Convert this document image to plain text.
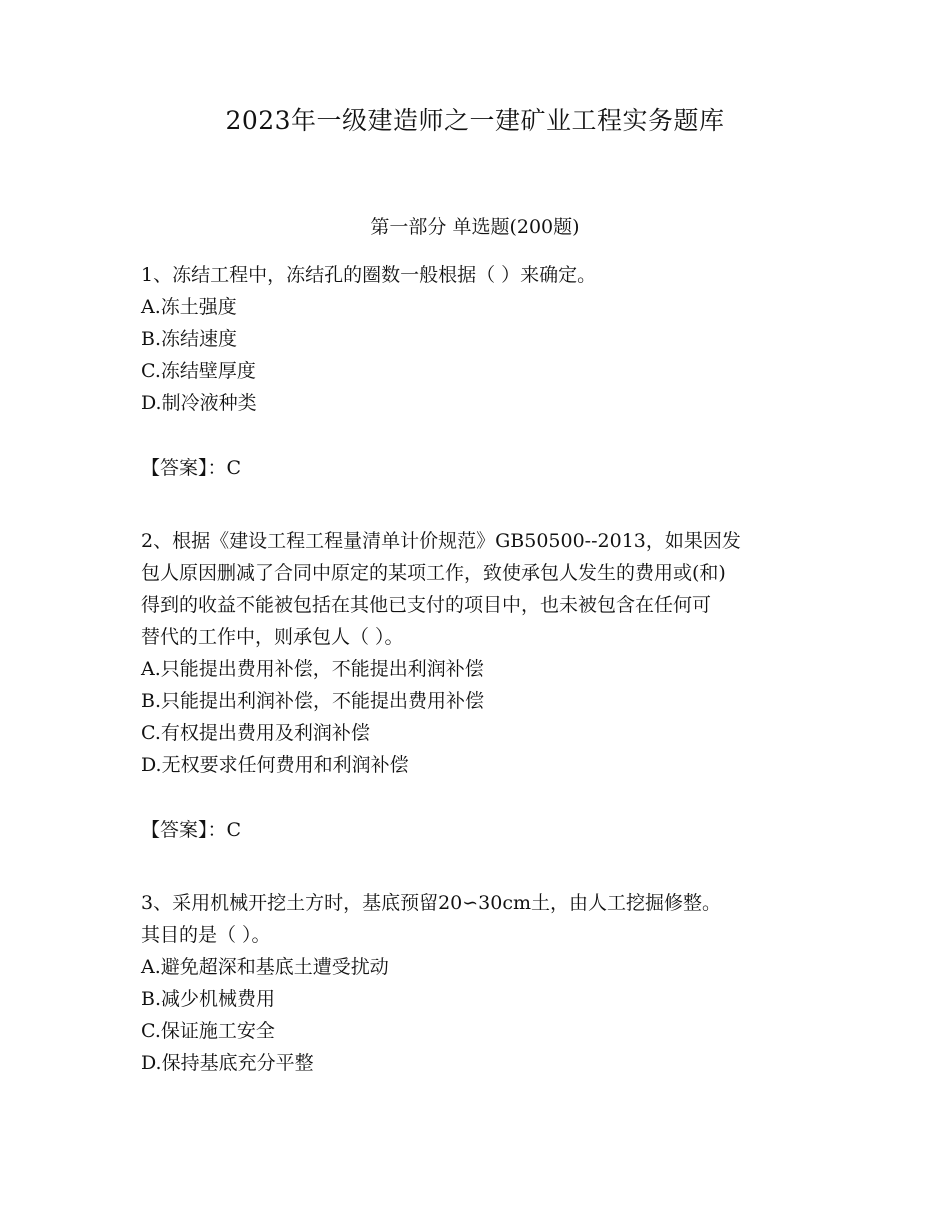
2023年一级建造师之一建矿业工程实务题库
第一部分 单选题(200题)
1、冻结工程中，冻结孔的圈数一般根据（ ）来确定。
A.冻土强度
B.冻结速度
C.冻结壁厚度
D.制冷液种类
【答案】：C
2、根据《建设工程工程量清单计价规范》GB50500--2013，如果因发
包人原因删减了合同中原定的某项工作，致使承包人发生的费用或(和)
得到的收益不能被包括在其他已支付的项目中，也未被包含在任何可
替代的工作中，则承包人（ ）。
A.只能提出费用补偿，不能提出利润补偿
B.只能提出利润补偿，不能提出费用补偿
C.有权提出费用及利润补偿
D.无权要求任何费用和利润补偿
【答案】：C
3、采用机械开挖土方时，基底预留20∽30cm土，由人工挖掘修整。
其目的是（ ）。
A.避免超深和基底土遭受扰动
B.减少机械费用
C.保证施工安全
D.保持基底充分平整
